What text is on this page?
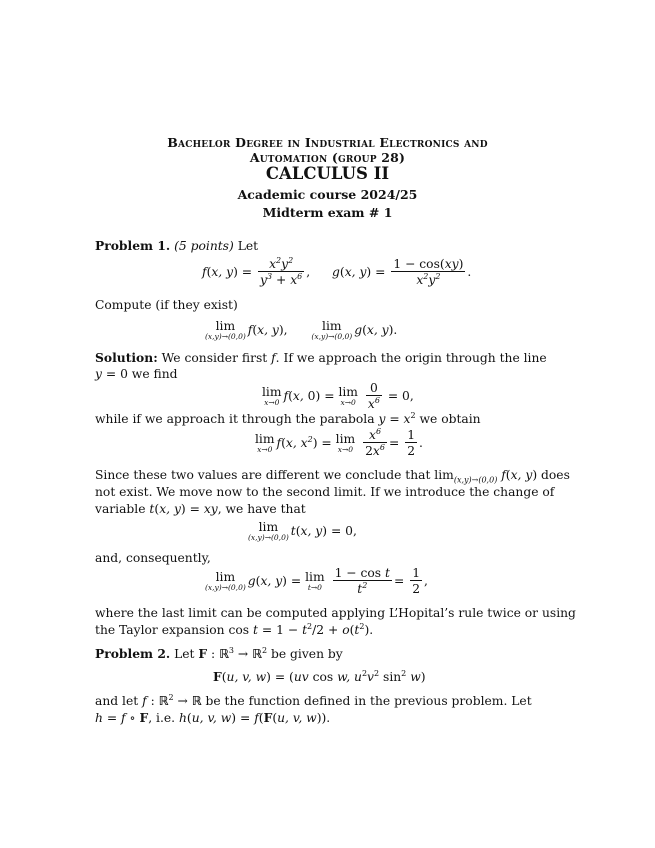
Bachelor Degree in Industrial Electronics and
Automation (group 28)
CALCULUS II
Academic course 2024/25
Midterm exam # 1
Problem 1. (5 points) Let
f(x, $y) = \frac{x^2y^2}{y^3 + x^6}$ , g(x, $y) = \frac{1 - \cos(xy)}{x^2y^2}$ .
Compute (if they exist)
lim
(x,y)→(0,0) f(x, y),	lim
(x,y)→(0,0) g(x, y).
Solution: We consider first f. If we approach the origin through the line
y = 0 we find
lim
x→0 f(x, 0) = lim
x→0
$\frac{0}{x^6} = 0$,
while if we approach it through the parabola $y = x^2$ we obtain
lim
x→0 f(x, $x^2) = \lim$
x→0
$\frac{x^6}{2x^6} = \frac{1}{2}$ .
Since these two values are different we conclude that $\lim_{(x,y)\to(0,0)} f(x$, y) does
not exist. We move now to the second limit. If we introduce the change of
variable t(x, y) = xy, we have that
lim
(x,y)→(0,0) t(x, y) = 0,
and, consequently,
lim
(x,y)→(0,0) g(x, y) = lim
t→0
$\frac{\text{1 − cos t}}{t^2} = \frac{1}{2}$ ,
where the last limit can be computed applying L’Hopital’s rule twice or using
the Taylor expansion $\cos t = 1 - t^2/2 + o(t^2)$.
Problem 2. Let F : ℝ$^3$ → ℝ$^2$ be given by
F(u, v, w) = (uv cos w, $u^2v^2$ $\sin^2 w$)
and let f : ℝ$^2$ → ℝ be the function defined in the previous problem. Let
h = f ∘ F, i.e. h(u, v, w) = f(F(u, v, w)).
